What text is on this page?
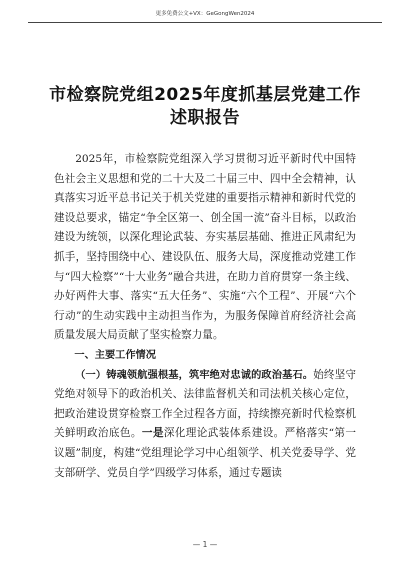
更多免费公文+VX：GeGongWen2024
市检察院党组2025年度抓基层党建工作
述职报告

2025年，市检察院党组深入学习贯彻习近平新时代中国特色社会主义思想和党的二十大及二十届三中、四中全会精神，认真落实习近平总书记关于机关党建的重要指示精神和新时代党的建设总要求，锚定“争全区第一、创全国一流”奋斗目标，以政治建设为统领，以深化理论武装、夯实基层基础、推进正风肃纪为抓手，坚持围绕中心、建设队伍、服务大局，深度推动党建工作与“四大检察”“十大业务”融合共进，在助力首府贯穿一条主线、办好两件大事、落实“五大任务”、实施“六个工程”、开展“六个行动”的生动实践中主动担当作为，为服务保障首府经济社会高质量发展大局贡献了坚实检察力量。

一、主要工作情况

（一）铸魂领航强根基，筑牢绝对忠诚的政治基石。始终坚守党绝对领导下的政治机关、法律监督机关和司法机关核心定位，把政治建设贯穿检察工作全过程各方面，持续擦亮新时代检察机关鲜明政治底色。一是深化理论武装体系建设。严格落实“第一议题”制度，构建“党组理论学习中心组领学、机关党委导学、党支部研学、党员自学”四级学习体系，通过专题读

— 1 —
